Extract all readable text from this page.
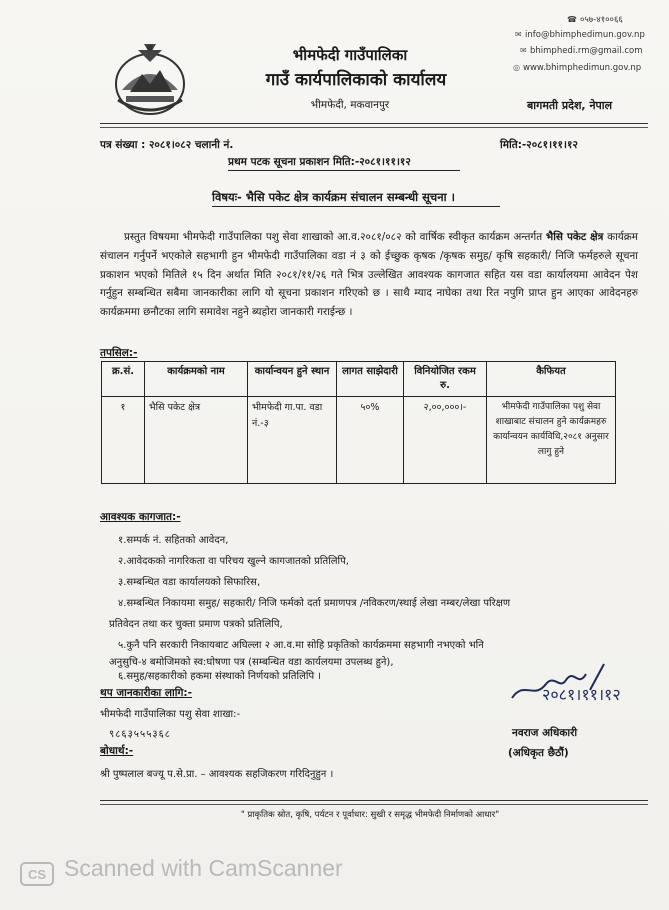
भीमफेदी गाउँपालिका
गाउँ कार्यपालिकाको कार्यालय
भीमफेदी, मकवानपुर
☎ ०५७-४१००६६
✉ info@bhimphedimun.gov.np
✉ bhimphedi.rm@gmail.com
◎ www.bhimphedimun.gov.np
बागमती प्रदेश, नेपाल
पत्र संख्या : २०८१।०८२ चलानी नं.	मिति:-२०८१।११।१२
प्रथम पटक सूचना प्रकाशन मिति:-२०८१।११।१२
विषयः- भैसि पकेट क्षेत्र कार्यक्रम संचालन सम्बन्धी सूचना ।
प्रस्तुत विषयमा भीमफेदी गाउँपालिका पशु सेवा शाखाको आ.व.२०८१/०८२ को वार्षिक स्वीकृत कार्यक्रम अन्तर्गत भैसि पकेट क्षेत्र कार्यक्रम संचालन गर्नुपर्ने भएकोले सहभागी हुन भीमफेदी गाउँपालिका वडा नं ३ को ईच्छुक कृषक /कृषक समुह/ कृषि सहकारी/ निजि फर्महरुले सूचना प्रकाशन भएको मितिले १५ दिन अर्थात मिति २०८१/११/२६ गते भित्र उल्लेखित आवश्यक कागजात सहित यस वडा कार्यालयमा आवेदन पेश गर्नुहुन सम्बन्धित सबैमा जानकारीका लागि यो सूचना प्रकाशन गरिएको छ । साथै म्याद नाघेका तथा रित नपुगि प्राप्त हुन आएका आवेदनहरु कार्यक्रममा छनौटका लागि समावेश नहुने ब्यहोरा जानकारी गराईन्छ ।
तपसिल:-
क्र.सं.	कार्यक्रमको नाम	कार्यान्वयन हुने स्थान	लागत साझेदारी	विनियोजित रकम रु.	कैफियत
१	भैसि पकेट क्षेत्र	भीमफेदी गा.पा. वडा नं.-३	५०%	२,००,०००।-	भीमफेदी गाउँपालिका पशु सेवा शाखाबाट संचालन हुने कार्यक्रमहरु कार्यान्वयन कार्यविधि,२०८१ अनुसार लागु हुने
आवश्यक कागजात:-
१.सम्पर्क नं. सहितको आवेदन,
२.आवेदकको नागरिकता वा परिचय खुल्ने कागजातको प्रतिलिपि,
३.सम्बन्धित वडा कार्यालयको सिफारिस,
४.सम्बन्धित निकायमा समुह/ सहकारी/ निजि फर्मको दर्ता प्रमाणपत्र /नविकरण/स्थाई लेखा नम्बर/लेखा परिक्षण
प्रतिवेदन तथा कर चुक्ता प्रमाण पत्रको प्रतिलिपि,
५.कुनै पनि सरकारी निकायबाट अघिल्ला २ आ.व.मा सोहि प्रकृतिको कार्यक्रममा सहभागी नभएको भनि
अनुसुचि-४ बमोजिमको स्व:घोषणा पत्र (सम्बन्धित वडा कार्यलयमा उपलब्ध हुने),
६.समुह/सहकारीको हकमा संस्थाको निर्णयको प्रतिलिपि ।
थप जानकारीका लागि:-
भीमफेदी गाउँपालिका पशु सेवा शाखा:-
९८६३५५५३६८
बोधार्थ:-
श्री पुष्पलाल बज्यू प.से.प्रा. – आवश्यक सहजिकरण गरिदिनुहुन ।
२०८१।११।१२
नवराज अधिकारी
(अधिकृत छैठौं)
" प्राकृतिक स्रोत, कृषि, पर्यटन र पूर्वाधार: सुखी र समृद्ध भीमफेदी निर्माणको आधार"
CS Scanned with CamScanner
